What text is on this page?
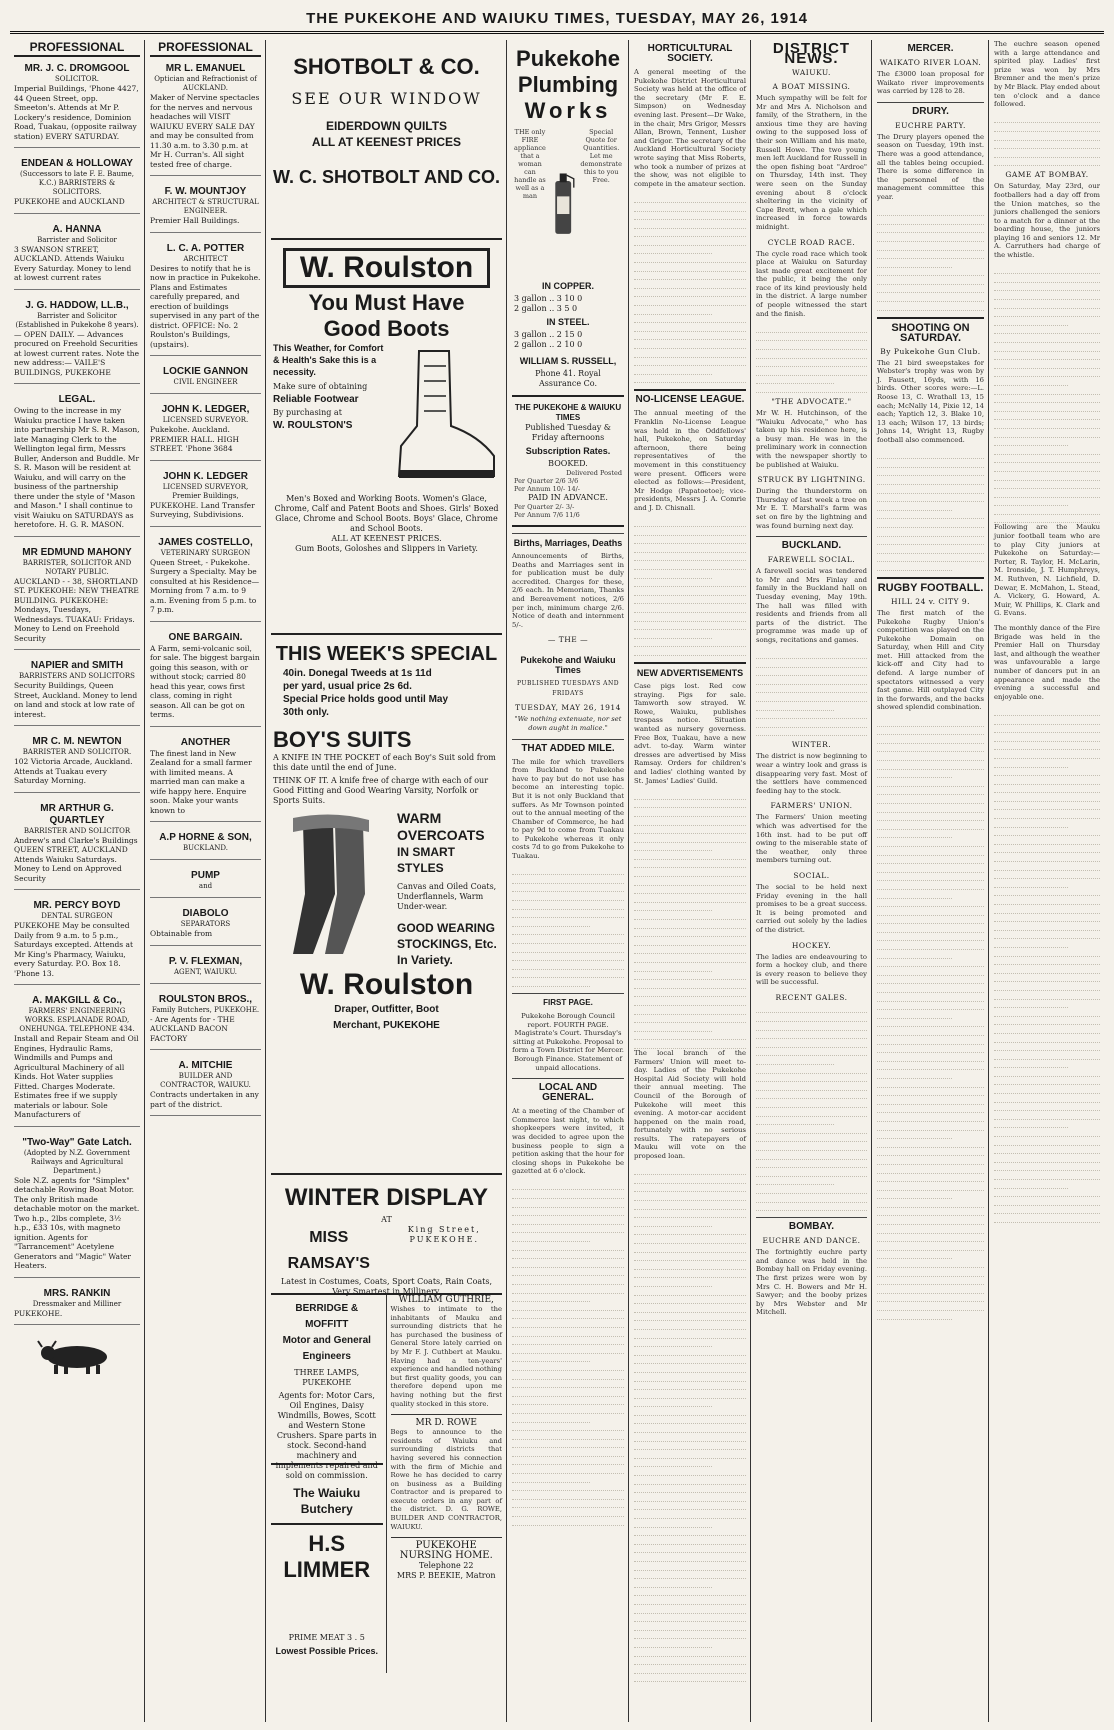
THE PUKEKOHE AND WAIUKU TIMES, TUESDAY, MAY 26, 1914
PROFESSIONAL
MR. J. C. DROMGOOL
SOLICITOR.
Imperial Buildings, 'Phone 4427, 44 Queen Street, opp. Smeeton's. Attends at Mr P. Lockery's residence, Dominion Road, Tuakau, (opposite railway station) EVERY SATURDAY.
ENDEAN & HOLLOWAY
(Successors to late F. E. Baume, K.C.) BARRISTERS & SOLICITORS.
PUKEKOHE and AUCKLAND
A. HANNA
Barrister and Solicitor
3 SWANSON STREET, AUCKLAND. Attends Waiuku Every Saturday. Money to lend at lowest current rates
J. G. HADDOW, LL.B.,
Barrister and Solicitor (Established in Pukekohe 8 years).
— OPEN DAILY. — Advances procured on Freehold Securities at lowest current rates. Note the new address:— VAILE'S BUILDINGS, PUKEKOHE
LEGAL.
Owing to the increase in my Waiuku practice I have taken into partnership Mr S. R. Mason, late Managing Clerk to the Wellington legal firm, Messrs Buller, Anderson and Buddle. Mr S. R. Mason will be resident at Waiuku, and will carry on the business of the partnership there under the style of "Mason and Mason." I shall continue to visit Waiuku on SATURDAYS as heretofore. H. G. R. MASON.
MR EDMUND MAHONY
BARRISTER, SOLICITOR AND NOTARY PUBLIC.
AUCKLAND - - 38, SHORTLAND ST. PUKEKOHE: NEW THEATRE BUILDING. PUKEKOHE: Mondays, Tuesdays, Wednesdays. TUAKAU: Fridays. Money to Lend on Freehold Security
NAPIER and SMITH
BARRISTERS AND SOLICITORS
Security Buildings, Queen Street, Auckland. Money to lend on land and stock at low rate of interest.
MR C. M. NEWTON
BARRISTER AND SOLICITOR.
102 Victoria Arcade, Auckland. Attends at Tuakau every Saturday Morning.
MR ARTHUR G. QUARTLEY
BARRISTER AND SOLICITOR
Andrew's and Clarke's Buildings QUEEN STREET, AUCKLAND Attends Waiuku Saturdays. Money to Lend on Approved Security
MR. PERCY BOYD
DENTAL SURGEON
PUKEKOHE May be consulted Daily from 9 a.m. to 5 p.m., Saturdays excepted. Attends at Mr King's Pharmacy, Waiuku, every Saturday. P.O. Box 18. 'Phone 13.
A. MAKGILL & Co.,
FARMERS' ENGINEERING WORKS. ESPLANADE ROAD, ONEHUNGA. TELEPHONE 434.
Install and Repair Steam and Oil Engines, Hydraulic Rams, Windmills and Pumps and Agricultural Machinery of all Kinds. Hot Water supplies Fitted. Charges Moderate. Estimates free if we supply materials or labour. Sole Manufacturers of
"Two-Way" Gate Latch.
(Adopted by N.Z. Government Railways and Agricultural Department.)
Sole N.Z. agents for "Simplex" detachable Rowing Boat Motor. The only British made detachable motor on the market. Two h.p., 2lbs complete, 3½ h.p., £33 10s, with magneto ignition. Agents for "Tarrancement" Acetylene Generators and "Magic" Water Heaters.
MRS. RANKIN
Dressmaker and Milliner
PUKEKOHE.
PROFESSIONAL
MR L. EMANUEL
Optician and Refractionist of AUCKLAND.
Maker of Nervine spectacles for the nerves and nervous headaches will VISIT WAIUKU EVERY SALE DAY and may be consulted from 11.30 a.m. to 3.30 p.m. at Mr H. Curran's. All sight tested free of charge.
F. W. MOUNTJOY
ARCHITECT & STRUCTURAL ENGINEER.
Premier Hall Buildings.
L. C. A. POTTER
ARCHITECT
Desires to notify that he is now in practice in Pukekohe. Plans and Estimates carefully prepared, and erection of buildings supervised in any part of the district. OFFICE: No. 2 Roulston's Buildings, (upstairs).
LOCKIE GANNON
CIVIL ENGINEER
JOHN K. LEDGER,
LICENSED SURVEYOR.
Pukekohe. Auckland. PREMIER HALL. HIGH STREET. 'Phone 3684
JOHN K. LEDGER
LICENSED SURVEYOR, Premier Buildings,
PUKEKOHE. Land Transfer Surveying, Subdivisions.
JAMES COSTELLO,
VETERINARY SURGEON
Queen Street, - Pukekohe. Surgery a Specialty. May be consulted at his Residence— Morning from 7 a.m. to 9 a.m. Evening from 5 p.m. to 7 p.m.
ONE BARGAIN.
A Farm, semi-volcanic soil, for sale. The biggest bargain going this season, with or without stock; carried 80 head this year, cows first class, coming in right season. All can be got on terms.
ANOTHER
The finest land in New Zealand for a small farmer with limited means. A married man can make a wife happy here. Enquire soon. Make your wants known to
A.P HORNE & SON,
BUCKLAND.
PUMP
and
DIABOLO
SEPARATORS
Obtainable from
P. V. FLEXMAN,
AGENT, WAIUKU.
ROULSTON BROS.,
Family Butchers, PUKEKOHE.
- Are Agents for - THE AUCKLAND BACON FACTORY
A. MITCHIE
BUILDER AND CONTRACTOR, WAIUKU.
Contracts undertaken in any part of the district.
SHOTBOLT & CO.
SEE OUR WINDOW
EIDERDOWN QUILTS
ALL AT KEENEST PRICES
W. C. SHOTBOLT AND CO.
W. Roulston
You Must Have
Good Boots
This Weather, for Comfort & Health's Sake this is a necessity.
Make sure of obtaining
Reliable Footwear
By purchasing at
W. ROULSTON'S
Men's Boxed and Working Boots. Women's Glace, Chrome, Calf and Patent Boots and Shoes. Girls' Boxed Glace, Chrome and School Boots. Boys' Glace, Chrome and School Boots.
ALL AT KEENEST PRICES.
Gum Boots, Goloshes and Slippers in Variety.
THIS WEEK'S SPECIAL
40in. Donegal Tweeds at 1s 11d
per yard, usual price 2s 6d.
Special Price holds good until May
30th only.
BOY'S SUITS
A KNIFE IN THE POCKET of each Boy's Suit sold from this date until the end of June.
THINK OF IT. A knife free of charge with each of our Good Fitting and Good Wearing Varsity, Norfolk or Sports Suits.
WARM OVERCOATS
IN SMART STYLES
Canvas and Oiled Coats, Underflannels, Warm Under-wear.
GOOD WEARING STOCKINGS, Etc. In Variety.
W. Roulston
Draper, Outfitter, Boot
Merchant, PUKEKOHE
WINTER DISPLAY
AT
MISS RAMSAY'S
King Street, PUKEKOHE.
Latest in Costumes, Coats, Sport Coats, Rain Coats, Very Smartest in Millinery.
BERRIDGE & MOFFITT
Motor and General Engineers
THREE LAMPS, PUKEKOHE
Agents for: Motor Cars, Oil Engines, Daisy Windmills, Bowes, Scott and Western Stone Crushers. Spare parts in stock. Second-hand machinery and implements repaired and sold on commission.
The Waiuku Butchery
H.S LIMMER
PRIME MEAT 3 . 5
Lowest Possible Prices.
WILLIAM GUTHRIE,
Wishes to intimate to the inhabitants of Mauku and surrounding districts that he has purchased the business of General Store lately carried on by Mr F. J. Cuthbert at Mauku. Having had a ten-years' experience and handled nothing but first quality goods, you can therefore depend upon me having nothing but the first quality stocked in this store.
MR D. ROWE
Begs to announce to the residents of Waiuku and surrounding districts that having severed his connection with the firm of Michie and Rowe he has decided to carry on business as a Building Contractor and is prepared to execute orders in any part of the district. D. G. ROWE, BUILDER AND CONTRACTOR, WAIUKU.
PUKEKOHE NURSING HOME.
Telephone 22
MRS P. BEEKIE, Matron
Pukekohe
Plumbing
Works
THE only FIRE appliance that a woman can handle as well as a man
Special Quote for Quantities. Let me demonstrate this to you Free.
IN COPPER.
3 gallon .. 3 10 0
2 gallon .. 3 5 0
IN STEEL.
3 gallon .. 2 15 0
2 gallon .. 2 10 0
WILLIAM S. RUSSELL,
Phone 41. Royal Assurance Co.
THE PUKEKOHE & WAIUKU TIMES
Published Tuesday & Friday afternoons
Subscription Rates.
BOOKED.
Delivered Posted
Per Quarter 2/6 3/6
Per Annum 10/- 14/-
PAID IN ADVANCE.
Per Quarter 2/- 3/-
Per Annum 7/6 11/6
Births, Marriages, Deaths
Announcements of Births, Deaths and Marriages sent in for publication must be duly accredited. Charges for these, 2/6 each. In Memoriam, Thanks and Bereavement notices, 2/6 per inch, minimum charge 2/6. Notice of death and internment 5/-.
— THE —
Pukekohe and Waiuku Times
PUBLISHED TUESDAYS AND FRIDAYS
TUESDAY, MAY 26, 1914
"We nothing extenuate, nor set down aught in malice."
THAT ADDED MILE.
The mile for which travellers from Buckland to Pukekohe have to pay but do not use has become an interesting topic. But it is not only Buckland that suffers. As Mr Townson pointed out to the annual meeting of the Chamber of Commerce, he had to pay 9d to come from Tuakau to Pukekohe whereas it only costs 7d to go from Pukekohe to Tuakau.
FIRST PAGE.
Pukekohe Borough Council report. FOURTH PAGE. Magistrate's Court. Thursday's sitting at Pukekohe. Proposal to form a Town District for Mercer. Borough Finance. Statement of unpaid allocations.
LOCAL AND GENERAL.
At a meeting of the Chamber of Commerce last night, to which shopkeepers were invited, it was decided to agree upon the business people to sign a petition asking that the hour for closing shops in Pukekohe be gazetted at 6 o'clock.
HORTICULTURAL SOCIETY.
A general meeting of the Pukekohe District Horticultural Society was held at the office of the secretary (Mr F. E. Simpson) on Wednesday evening last. Present—Dr Wake, in the chair, Mrs Grigor, Messrs Allan, Brown, Tennent, Lusher and Grigor. The secretary of the Auckland Horticultural Society wrote saying that Miss Roberts, who took a number of prizes at the show, was not eligible to compete in the amateur section.
NO-LICENSE LEAGUE.
The annual meeting of the Franklin No-License League was held in the Oddfellows' hall, Pukekohe, on Saturday afternoon, there being representatives of the movement in this constituency were present. Officers were elected as follows:—President, Mr Hodge (Papatoetoe); vice-presidents, Messrs J. A. Comrie and J. D. Chisnall.
NEW ADVERTISEMENTS
Case pigs lost. Red cow straying. Pigs for sale. Tamworth sow strayed. W. Rowe, Waiuku, publishes trespass notice. Situation wanted as nursery governess. Free Box, Tuakau, have a new advt. to-day. Warm winter dresses are advertised by Miss Ramsay. Orders for children's and ladies' clothing wanted by St. James' Ladies' Guild.
The local branch of the Farmers' Union will meet to-day. Ladies of the Pukekohe Hospital Aid Society will hold their annual meeting. The Council of the Borough of Pukekohe will meet this evening. A motor-car accident happened on the main road, fortunately with no serious results. The ratepayers of Mauku will vote on the proposed loan.
DISTRICT NEWS.
WAIUKU.
A BOAT MISSING.
Much sympathy will be felt for Mr and Mrs A. Nicholson and family, of the Strathern, in the anxious time they are having owing to the supposed loss of their son William and his mate, Russell Howe. The two young men left Auckland for Russell in the open fishing boat "Ardroe" on Thursday, 14th inst. They were seen on the Sunday evening about 8 o'clock sheltering in the vicinity of Cape Brett, when a gale which increased in force towards midnight.
CYCLE ROAD RACE.
The cycle road race which took place at Waiuku on Saturday last made great excitement for the public, it being the only race of its kind previously held in the district. A large number of people witnessed the start and the finish.
"THE ADVOCATE."
Mr W. H. Hutchinson, of the "Waiuku Advocate," who has taken up his residence here, is a busy man. He was in the preliminary work in connection with the newspaper shortly to be published at Waiuku.
STRUCK BY LIGHTNING.
During the thunderstorm on Thursday of last week a tree on Mr E. T. Marshall's farm was set on fire by the lightning and was found burning next day.
BUCKLAND.
FAREWELL SOCIAL.
A farewell social was tendered to Mr and Mrs Finlay and family in the Buckland hall on Tuesday evening, May 19th. The hall was filled with residents and friends from all parts of the district. The programme was made up of songs, recitations and games.
WINTER.
The district is now beginning to wear a wintry look and grass is disappearing very fast. Most of the settlers have commenced feeding hay to the stock.
FARMERS' UNION.
The Farmers' Union meeting which was advertised for the 16th inst. had to be put off owing to the miserable state of the weather, only three members turning out.
SOCIAL.
The social to be held next Friday evening in the hall promises to be a great success. It is being promoted and carried out solely by the ladies of the district.
HOCKEY.
The ladies are endeavouring to form a hockey club, and there is every reason to believe they will be successful.
RECENT GALES.
BOMBAY.
EUCHRE AND DANCE.
The fortnightly euchre party and dance was held in the Bombay hall on Friday evening. The first prizes were won by Mrs C. H. Bowers and Mr H. Sawyer; and the booby prizes by Mrs Webster and Mr Mitchell.
MERCER.
WAIKATO RIVER LOAN.
The £3000 loan proposal for Waikato river improvements was carried by 128 to 28.
DRURY.
EUCHRE PARTY.
The Drury players opened the season on Tuesday, 19th inst. There was a good attendance, all the tables being occupied. There is some difference in the personnel of the management committee this year.
SHOOTING ON SATURDAY.
By Pukekohe Gun Club.
The 21 bird sweepstakes for Webster's trophy was won by J. Fausett, 16yds, with 16 birds. Other scores were:—L. Roose 13, C. Wrathall 13, 15 each; McNally 14, Pixie 12, 14 each; Yaptich 12, 3. Blake 10, 13 each; Wilson 17, 13 birds; Johns 14, Wright 13, Rugby football also commenced.
RUGBY FOOTBALL.
HILL 24 v. CITY 9.
The first match of the Pukekohe Rugby Union's competition was played on the Pukekohe Domain on Saturday, when Hill and City met. Hill attacked from the kick-off and City had to defend. A large number of spectators witnessed a very fast game. Hill outplayed City in the forwards, and the backs showed splendid combination.
The euchre season opened with a large attendance and spirited play. Ladies' first prize was won by Mrs Bremner and the men's prize by Mr Black. Play ended about ten o'clock and a dance followed.
GAME AT BOMBAY.
On Saturday, May 23rd, our footballers had a day off from the Union matches, so the juniors challenged the seniors to a match for a dinner at the boarding house, the juniors playing 16 and seniors 12. Mr A. Carruthers had charge of the whistle.
Following are the Mauku junior football team who are to play City juniors at Pukekohe on Saturday:—Porter, R. Taylor, H. McLarin, M. Ironside, J. T. Humphreys, M. Ruthven, N. Lichfield, D. Dewar, E. McMahon, L. Stead, A. Vickery, G. Howard, A. Muir, W. Phillips, K. Clark and G. Evans.
The monthly dance of the Fire Brigade was held in the Premier Hall on Thursday last, and although the weather was unfavourable a large number of dancers put in an appearance and made the evening a successful and enjoyable one.
